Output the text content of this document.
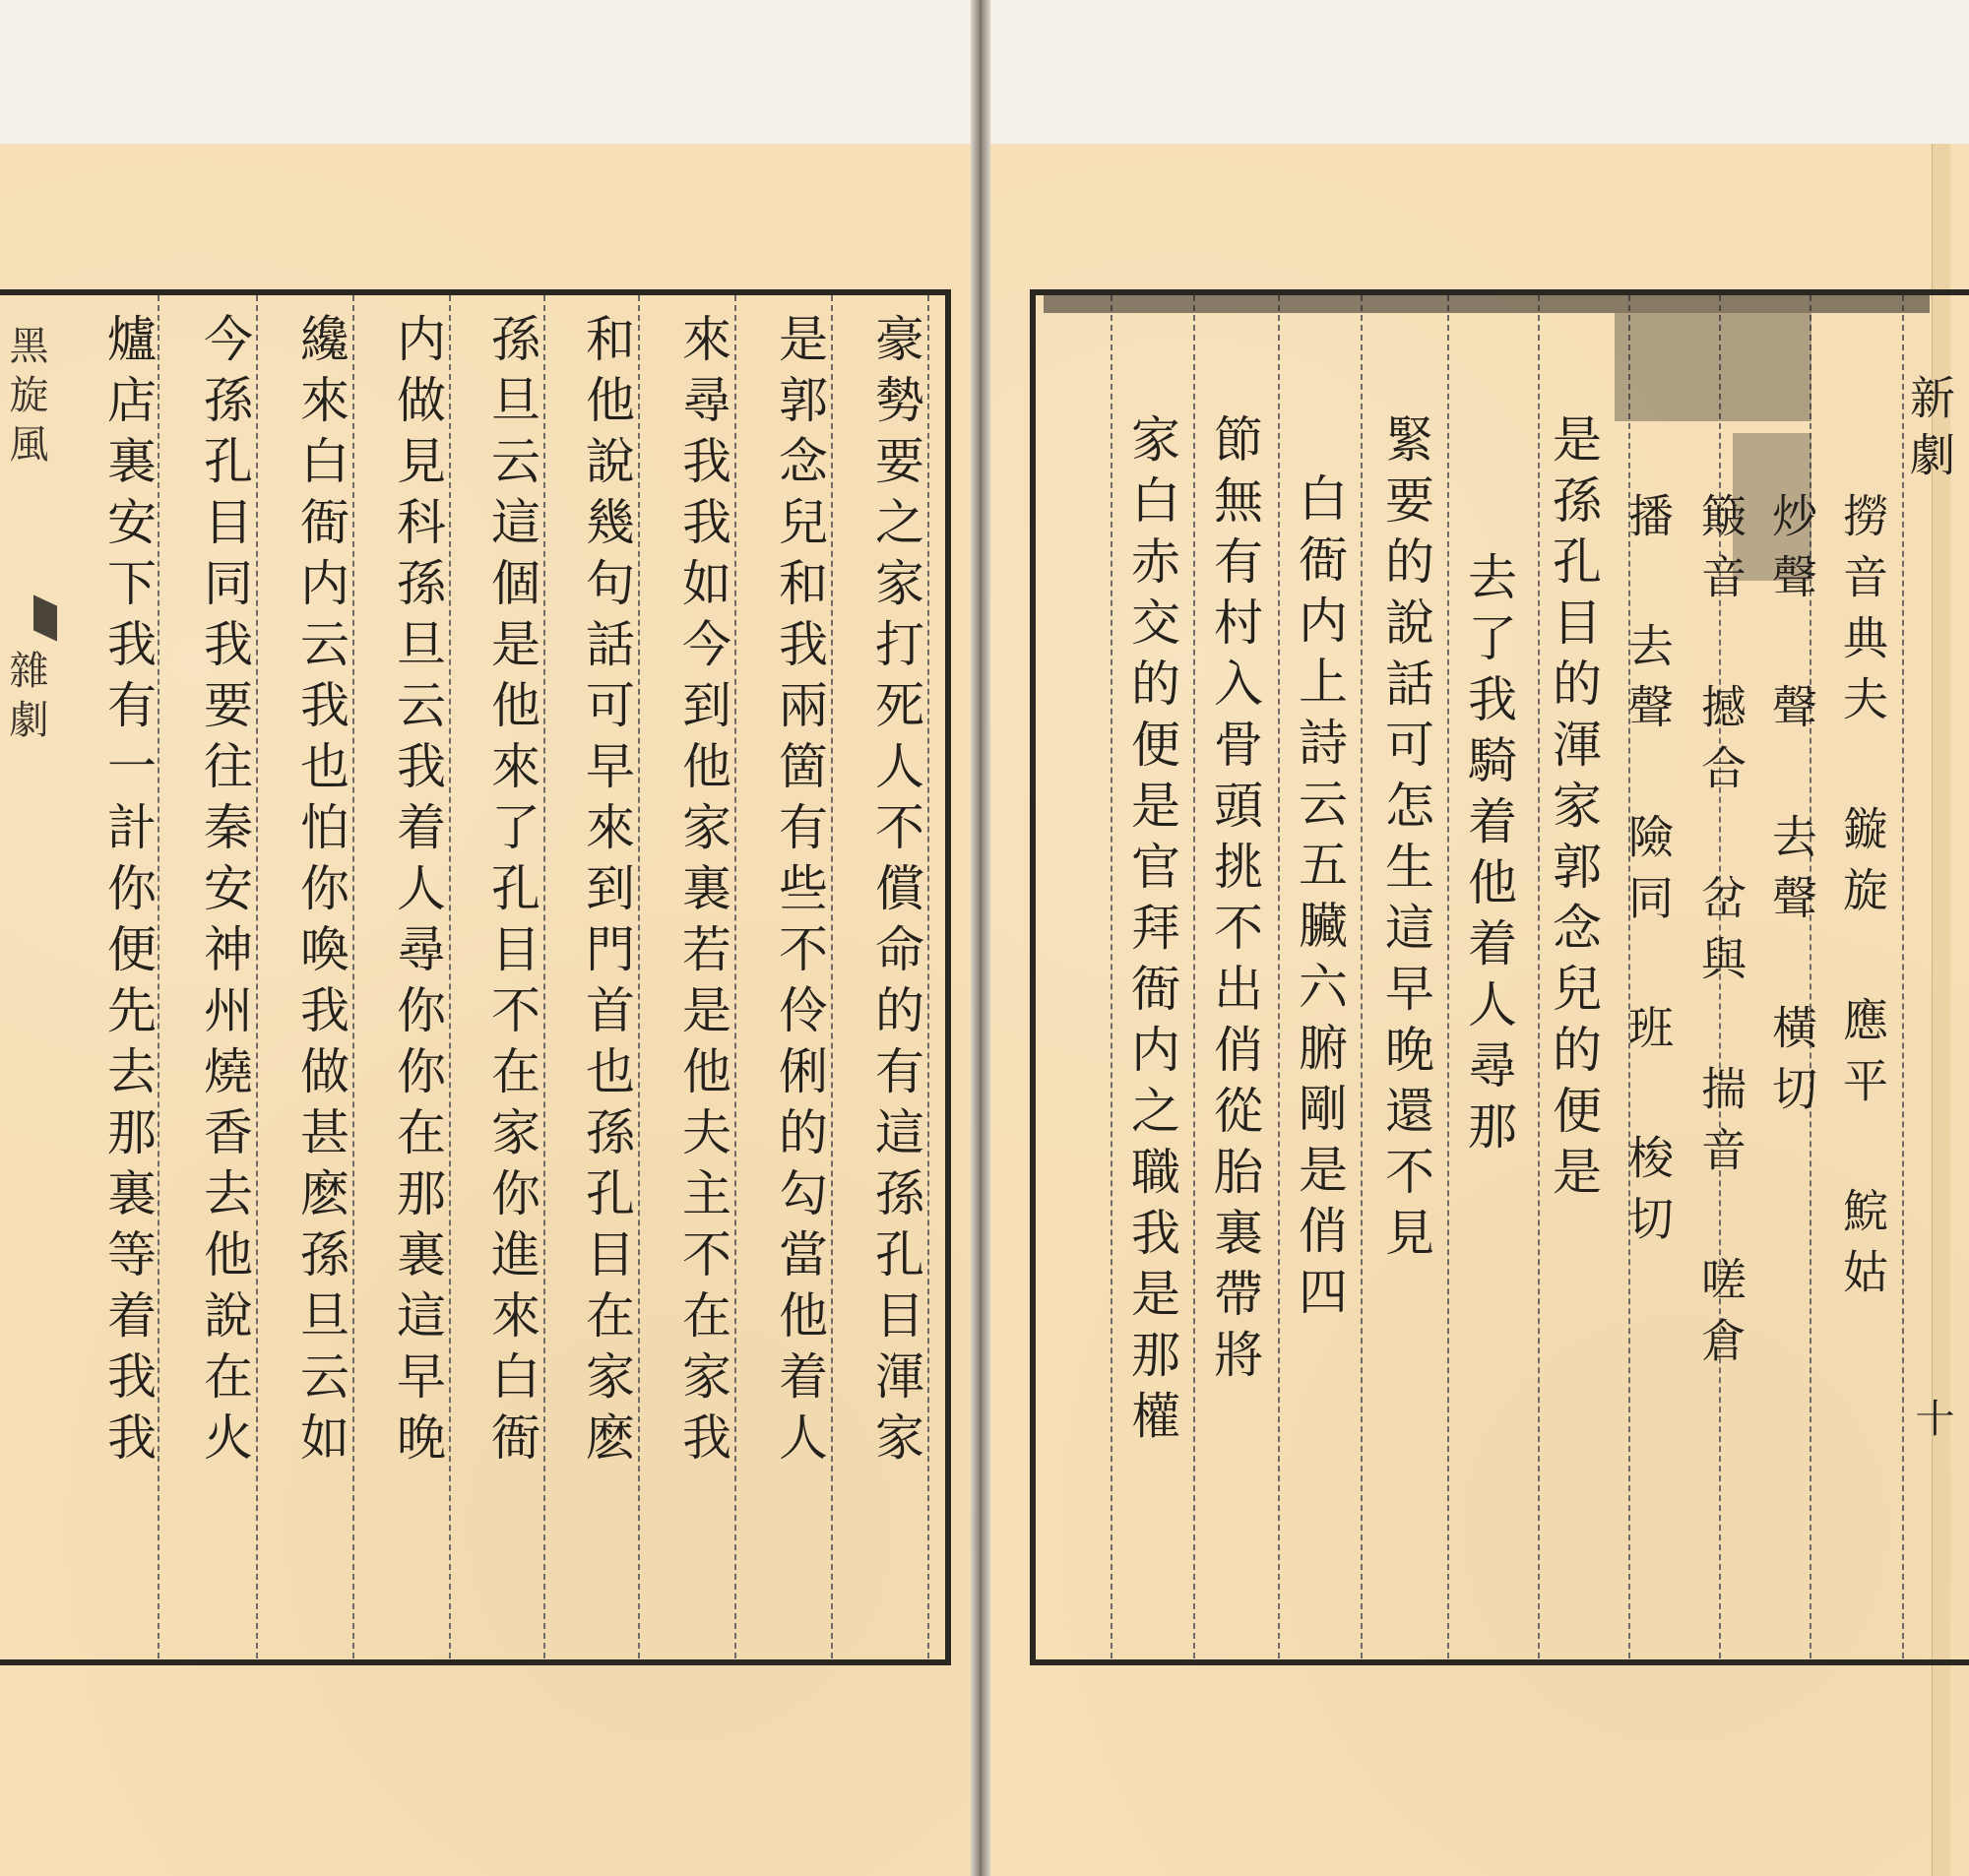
豪勢要之家打死人不償命的有這孫孔目渾家
是郭念兒和我兩箇有些不伶俐的勾當他着人
來尋我我如今到他家裏若是他夫主不在家我
和他說幾句話可早來到門首也孫孔目在家麽
孫旦云這個是他來了孔目不在家你進來白衙
内做見科孫旦云我着人尋你你在那裏這早晚
纔來白衙内云我也怕你喚我做甚麽孫旦云如
今孫孔目同我要往秦安神州燒香去他說在火
爐店裏安下我有一計你便先去那裏等着我我
黑旋風
雜劇
新劇
撈音典夫 鏇旋 應平 鯇姑
炒聲 聲 去聲 橫切
簸音 撼合 岔與 揣音 嗟倉
播 去聲 險同 班 梭切
是孫孔目的渾家郭念兒的便是
去了我騎着他着人尋那
緊要的說話可怎生這早晚還不見
白衙内上詩云五臟六腑剛是俏四
節無有村入骨頭挑不出俏從胎裏帶將
家白赤交的便是官拜衙内之職我是那權	十
